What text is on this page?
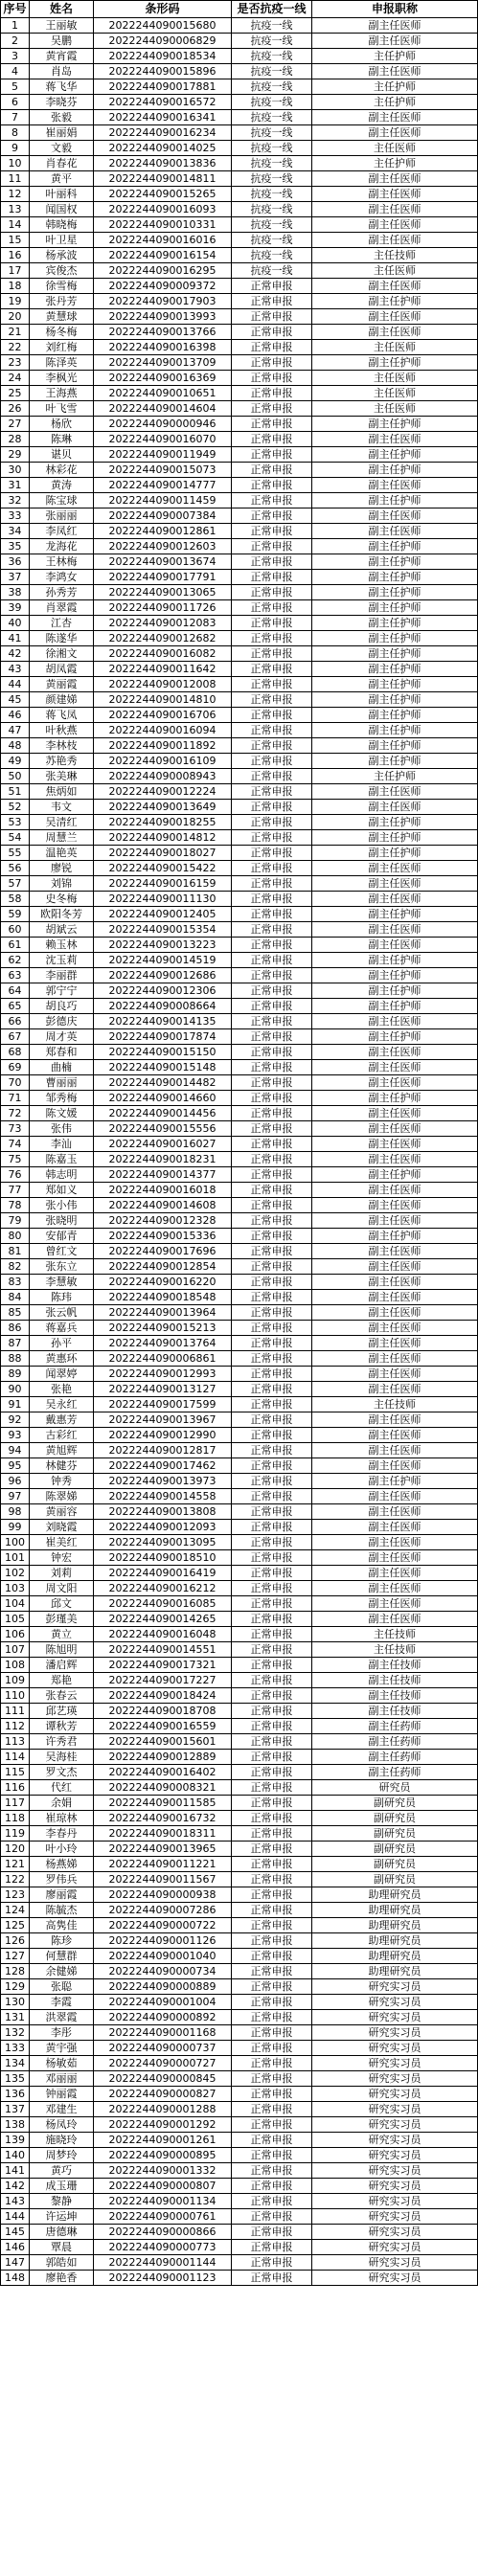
序号	姓名	条形码	是否抗疫一线	申报职称
1	王丽敏	2022244090015680	抗疫一线	副主任医师
2	吴鹏	2022244090006829	抗疫一线	副主任医师
3	黄宵霞	2022244090018534	抗疫一线	主任护师
4	肖岛	2022244090015896	抗疫一线	副主任医师
5	蒋飞华	2022244090017881	抗疫一线	主任护师
6	李晓芬	2022244090016572	抗疫一线	主任护师
7	张毅	2022244090016341	抗疫一线	副主任医师
8	崔丽娟	2022244090016234	抗疫一线	副主任医师
9	文毅	2022244090014025	抗疫一线	主任医师
10	肖春花	2022244090013836	抗疫一线	主任护师
11	黄平	2022244090014811	抗疫一线	副主任医师
12	叶丽科	2022244090015265	抗疫一线	副主任医师
13	闻国权	2022244090016093	抗疫一线	副主任医师
14	韩晓梅	2022244090010331	抗疫一线	副主任医师
15	叶卫星	2022244090016016	抗疫一线	副主任医师
16	杨承波	2022244090016154	抗疫一线	主任技师
17	宾俊杰	2022244090016295	抗疫一线	主任医师
18	徐雪梅	2022244090009372	正常申报	副主任医师
19	张丹芳	2022244090017903	正常申报	副主任护师
20	黄慧球	2022244090013993	正常申报	副主任医师
21	杨冬梅	2022244090013766	正常申报	副主任医师
22	刘红梅	2022244090016398	正常申报	主任医师
23	陈泽英	2022244090013709	正常申报	副主任护师
24	李枫光	2022244090016369	正常申报	主任医师
25	王海燕	2022244090010651	正常申报	主任医师
26	叶飞雪	2022244090014604	正常申报	主任医师
27	杨欣	2022244090000946	正常申报	副主任护师
28	陈琳	2022244090016070	正常申报	副主任医师
29	谌贝	2022244090011949	正常申报	副主任护师
30	林彩花	2022244090015073	正常申报	副主任护师
31	黄涛	2022244090014777	正常申报	副主任医师
32	陈宝球	2022244090011459	正常申报	副主任护师
33	张丽丽	2022244090007384	正常申报	副主任医师
34	李凤红	2022244090012861	正常申报	副主任医师
35	龙海花	2022244090012603	正常申报	副主任护师
36	王林梅	2022244090013674	正常申报	副主任护师
37	李鸿女	2022244090017791	正常申报	副主任护师
38	孙秀芳	2022244090013065	正常申报	副主任护师
39	肖翠霞	2022244090011726	正常申报	副主任护师
40	江杏	2022244090012083	正常申报	副主任护师
41	陈遂华	2022244090012682	正常申报	副主任护师
42	徐湘文	2022244090016082	正常申报	副主任护师
43	胡凤霞	2022244090011642	正常申报	副主任护师
44	黄丽霞	2022244090012008	正常申报	副主任护师
45	颜建娣	2022244090014810	正常申报	副主任护师
46	蒋飞凤	2022244090016706	正常申报	副主任护师
47	叶秋燕	2022244090016094	正常申报	副主任护师
48	李林枝	2022244090011892	正常申报	副主任护师
49	苏艳秀	2022244090016109	正常申报	副主任护师
50	张美琳	2022244090008943	正常申报	主任护师
51	焦炳如	2022244090012224	正常申报	副主任医师
52	韦文	2022244090013649	正常申报	副主任医师
53	吴清红	2022244090018255	正常申报	副主任护师
54	周慧兰	2022244090014812	正常申报	副主任护师
55	温艳英	2022244090018027	正常申报	副主任护师
56	廖锐	2022244090015422	正常申报	副主任医师
57	刘锦	2022244090016159	正常申报	副主任医师
58	史冬梅	2022244090011130	正常申报	副主任医师
59	欧阳冬芳	2022244090012405	正常申报	副主任护师
60	胡斌云	2022244090015354	正常申报	副主任医师
61	赖玉林	2022244090013223	正常申报	副主任医师
62	沈玉莉	2022244090014519	正常申报	副主任护师
63	李丽群	2022244090012686	正常申报	副主任护师
64	郭宁宁	2022244090012306	正常申报	副主任护师
65	胡良巧	2022244090008664	正常申报	副主任护师
66	彭德庆	2022244090014135	正常申报	副主任医师
67	周才英	2022244090017874	正常申报	副主任护师
68	郑春和	2022244090015150	正常申报	副主任医师
69	曲楠	2022244090015148	正常申报	副主任医师
70	曹丽丽	2022244090014482	正常申报	副主任医师
71	邹秀梅	2022244090014660	正常申报	副主任护师
72	陈文媛	2022244090014456	正常申报	副主任医师
73	张伟	2022244090015556	正常申报	副主任医师
74	李汕	2022244090016027	正常申报	副主任医师
75	陈嘉玉	2022244090018231	正常申报	副主任医师
76	韩志明	2022244090014377	正常申报	副主任护师
77	郑如义	2022244090016018	正常申报	副主任医师
78	张小伟	2022244090014608	正常申报	副主任医师
79	张晓明	2022244090012328	正常申报	副主任医师
80	安郁青	2022244090015336	正常申报	副主任护师
81	曾红文	2022244090017696	正常申报	副主任医师
82	张东立	2022244090012854	正常申报	副主任医师
83	李慧敏	2022244090016220	正常申报	副主任医师
84	陈玮	2022244090018548	正常申报	副主任医师
85	张云帆	2022244090013964	正常申报	副主任医师
86	蒋嘉兵	2022244090015213	正常申报	副主任医师
87	孙平	2022244090013764	正常申报	副主任医师
88	黄惠环	2022244090006861	正常申报	副主任医师
89	闻翠婷	2022244090012993	正常申报	副主任医师
90	张艳	2022244090013127	正常申报	副主任医师
91	吴永红	2022244090017599	正常申报	主任技师
92	戴惠芳	2022244090013967	正常申报	副主任医师
93	古彩红	2022244090012990	正常申报	副主任医师
94	黄旭辉	2022244090012817	正常申报	副主任医师
95	林健芬	2022244090017462	正常申报	副主任医师
96	钟秀	2022244090013973	正常申报	副主任护师
97	陈翠娣	2022244090014558	正常申报	副主任医师
98	黄丽容	2022244090013808	正常申报	副主任医师
99	刘晓霞	2022244090012093	正常申报	副主任医师
100	崔美红	2022244090013095	正常申报	副主任医师
101	钟宏	2022244090018510	正常申报	副主任医师
102	刘莉	2022244090016419	正常申报	副主任医师
103	周文阳	2022244090016212	正常申报	副主任医师
104	邱文	2022244090016085	正常申报	副主任医师
105	彭瑾美	2022244090014265	正常申报	副主任医师
106	黄立	2022244090016048	正常申报	主任技师
107	陈旭明	2022244090014551	正常申报	主任技师
108	潘启辉	2022244090017321	正常申报	副主任技师
109	郑艳	2022244090017227	正常申报	副主任技师
110	张春云	2022244090018424	正常申报	副主任技师
111	邱艺瑛	2022244090018708	正常申报	副主任技师
112	谭秋芳	2022244090016559	正常申报	副主任药师
113	许秀君	2022244090015601	正常申报	副主任药师
114	吴海桂	2022244090012889	正常申报	副主任药师
115	罗文杰	2022244090016402	正常申报	副主任药师
116	代红	2022244090008321	正常申报	研究员
117	余娟	2022244090011585	正常申报	副研究员
118	崔琼林	2022244090016732	正常申报	副研究员
119	李春丹	2022244090018311	正常申报	副研究员
120	叶小玲	2022244090013965	正常申报	副研究员
121	杨燕娣	2022244090011221	正常申报	副研究员
122	罗伟兵	2022244090011567	正常申报	副研究员
123	廖丽霞	2022244090000938	正常申报	助理研究员
124	陈毓杰	2022244090007286	正常申报	助理研究员
125	高隽佳	2022244090000722	正常申报	助理研究员
126	陈珍	2022244090001126	正常申报	助理研究员
127	何慧群	2022244090001040	正常申报	助理研究员
128	余健娣	2022244090000734	正常申报	助理研究员
129	张聪	2022244090000889	正常申报	研究实习员
130	李霞	2022244090001004	正常申报	研究实习员
131	洪翠霞	2022244090000892	正常申报	研究实习员
132	李彤	2022244090001168	正常申报	研究实习员
133	黄宇强	2022244090000737	正常申报	研究实习员
134	杨敏茹	2022244090000727	正常申报	研究实习员
135	邓丽丽	2022244090000845	正常申报	研究实习员
136	钟丽霞	2022244090000827	正常申报	研究实习员
137	邓建生	2022244090001288	正常申报	研究实习员
138	杨凤玲	2022244090001292	正常申报	研究实习员
139	施晓玲	2022244090001261	正常申报	研究实习员
140	周梦玲	2022244090000895	正常申报	研究实习员
141	黄巧	2022244090001332	正常申报	研究实习员
142	成玉珊	2022244090000807	正常申报	研究实习员
143	黎静	2022244090001134	正常申报	研究实习员
144	许运坤	2022244090000761	正常申报	研究实习员
145	唐德琳	2022244090000866	正常申报	研究实习员
146	覃晨	2022244090000773	正常申报	研究实习员
147	郭皓如	2022244090001144	正常申报	研究实习员
148	廖艳香	2022244090001123	正常申报	研究实习员
